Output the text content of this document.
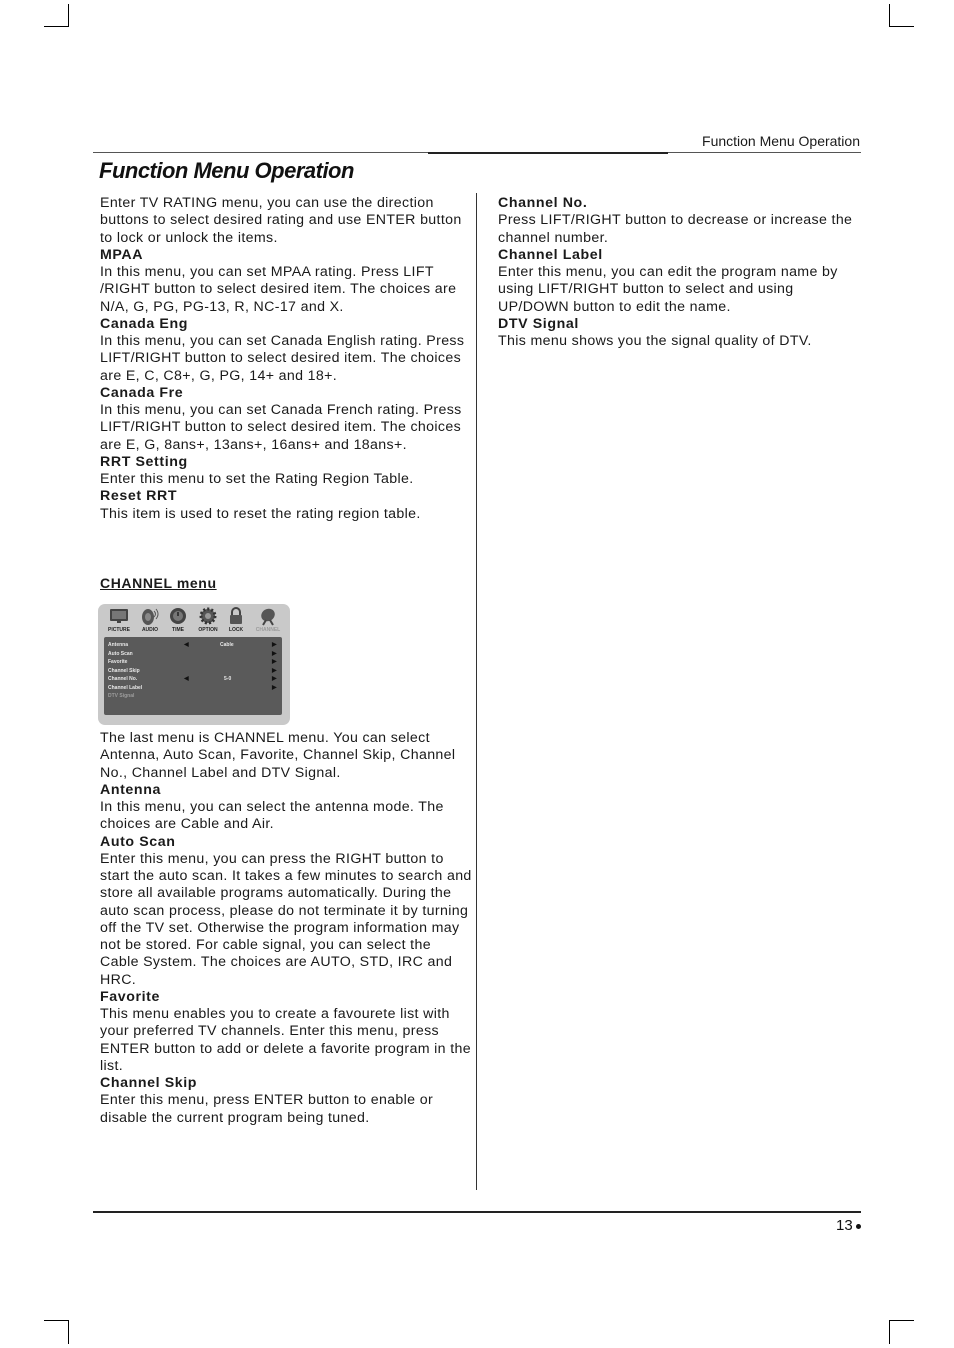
Function Menu Operation
Function Menu Operation

Enter TV RATING menu, you can use the direction buttons to select desired rating and use ENTER button to lock or unlock the items.

MPAA

In this menu, you can set MPAA rating. Press LIFT /RIGHT button to select desired item. The choices are N/A, G, PG, PG-13, R, NC-17 and X.

Canada Eng

In this menu, you can set Canada English rating. Press LIFT/RIGHT button to select desired item. The choices are E, C, C8+, G, PG, 14+ and 18+.

Canada Fre

In this menu, you can set Canada French rating. Press LIFT/RIGHT button to select desired item. The choices are E, G, 8ans+, 13ans+, 16ans+ and 18ans+.

RRT Setting

Enter this menu to set the Rating Region Table.

Reset RRT

This item is used to reset the rating region table.

CHANNEL menu
PICTURE	AUDIO	TIME	OPTION	LOCK	CHANNEL
Antenna	◀	Cable	▶
Auto Scan	▶
Favorite	▶
Channel Skip	▶
Channel No.	◀	5-0	▶
Channel Label	▶
DTV Signal

The last menu is CHANNEL menu. You can select Antenna, Auto Scan, Favorite, Channel Skip, Channel No., Channel Label and DTV Signal.

Antenna

In this menu, you can select the antenna mode. The choices are Cable and Air.

Auto Scan

Enter this menu, you can press the RIGHT button to start the auto scan. It takes a few minutes to search and store all available programs automatically. During the auto scan process, please do not terminate it by turning off the TV set. Otherwise the program information may not be stored. For cable signal, you can select the Cable System. The choices are AUTO, STD, IRC and HRC.

Favorite

This menu enables you to create a favourete list with your preferred TV channels. Enter this menu, press ENTER button to add or delete a favorite program in the list.

Channel Skip

Enter this menu, press ENTER button to enable or disable the current program being tuned.

Channel No.

Press LIFT/RIGHT button to decrease or increase the channel number.

Channel Label

Enter this menu, you can edit the program name by using LIFT/RIGHT button to select and using UP/DOWN button to edit the name.

DTV Signal

This menu shows you the signal quality of DTV.

13
